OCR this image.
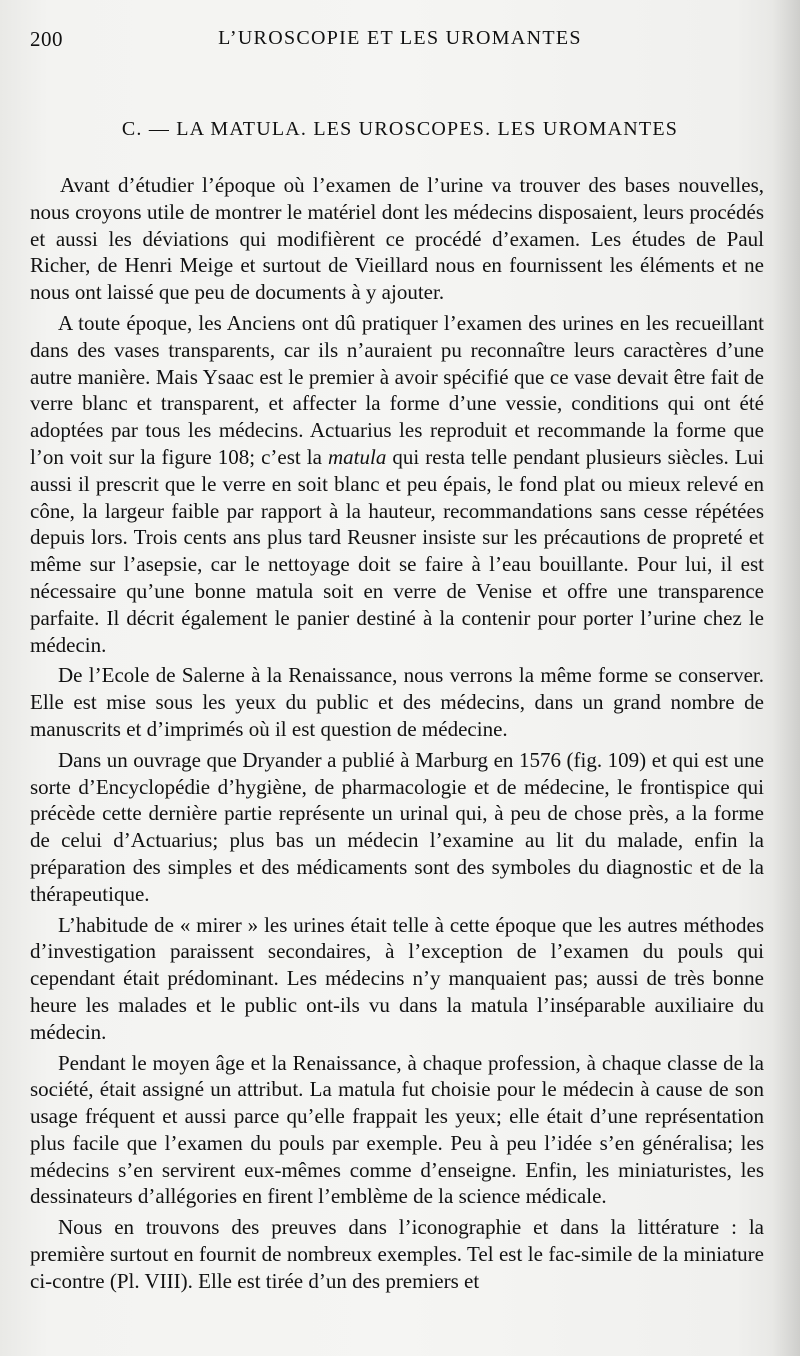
200	L’UROSCOPIE ET LES UROMANTES
C. — LA MATULA. LES UROSCOPES. LES UROMANTES

Avant d’étudier l’époque où l’examen de l’urine va trouver des bases nouvelles, nous croyons utile de montrer le matériel dont les médecins disposaient, leurs procédés et aussi les déviations qui modifièrent ce procédé d’examen. Les études de Paul Richer, de Henri Meige et surtout de Vieillard nous en fournissent les éléments et ne nous ont laissé que peu de documents à y ajouter.

A toute époque, les Anciens ont dû pratiquer l’examen des urines en les recueillant dans des vases transparents, car ils n’auraient pu reconnaître leurs caractères d’une autre manière. Mais Ysaac est le premier à avoir spécifié que ce vase devait être fait de verre blanc et transparent, et affecter la forme d’une vessie, conditions qui ont été adoptées par tous les médecins. Actuarius les reproduit et recommande la forme que l’on voit sur la figure 108; c’est la matula qui resta telle pendant plusieurs siècles. Lui aussi il prescrit que le verre en soit blanc et peu épais, le fond plat ou mieux relevé en cône, la largeur faible par rapport à la hauteur, recommandations sans cesse répétées depuis lors. Trois cents ans plus tard Reusner insiste sur les précautions de propreté et même sur l’asepsie, car le nettoyage doit se faire à l’eau bouillante. Pour lui, il est nécessaire qu’une bonne matula soit en verre de Venise et offre une transparence parfaite. Il décrit également le panier destiné à la contenir pour porter l’urine chez le médecin.

De l’Ecole de Salerne à la Renaissance, nous verrons la même forme se conserver. Elle est mise sous les yeux du public et des médecins, dans un grand nombre de manuscrits et d’imprimés où il est question de médecine.

Dans un ouvrage que Dryander a publié à Marburg en 1576 (fig. 109) et qui est une sorte d’Encyclopédie d’hygiène, de pharmacologie et de médecine, le frontispice qui précède cette dernière partie représente un urinal qui, à peu de chose près, a la forme de celui d’Actuarius; plus bas un médecin l’examine au lit du malade, enfin la préparation des simples et des médicaments sont des symboles du diagnostic et de la thérapeutique.

L’habitude de « mirer » les urines était telle à cette époque que les autres méthodes d’investigation paraissent secondaires, à l’exception de l’examen du pouls qui cependant était prédominant. Les médecins n’y manquaient pas; aussi de très bonne heure les malades et le public ont-ils vu dans la matula l’inséparable auxiliaire du médecin.

Pendant le moyen âge et la Renaissance, à chaque profession, à chaque classe de la société, était assigné un attribut. La matula fut choisie pour le médecin à cause de son usage fréquent et aussi parce qu’elle frappait les yeux; elle était d’une représentation plus facile que l’examen du pouls par exemple. Peu à peu l’idée s’en généralisa; les médecins s’en servirent eux-mêmes comme d’enseigne. Enfin, les miniaturistes, les dessinateurs d’allégories en firent l’emblème de la science médicale.

Nous en trouvons des preuves dans l’iconographie et dans la littérature : la première surtout en fournit de nombreux exemples. Tel est le fac-simile de la miniature ci-contre (Pl. VIII). Elle est tirée d’un des premiers et
